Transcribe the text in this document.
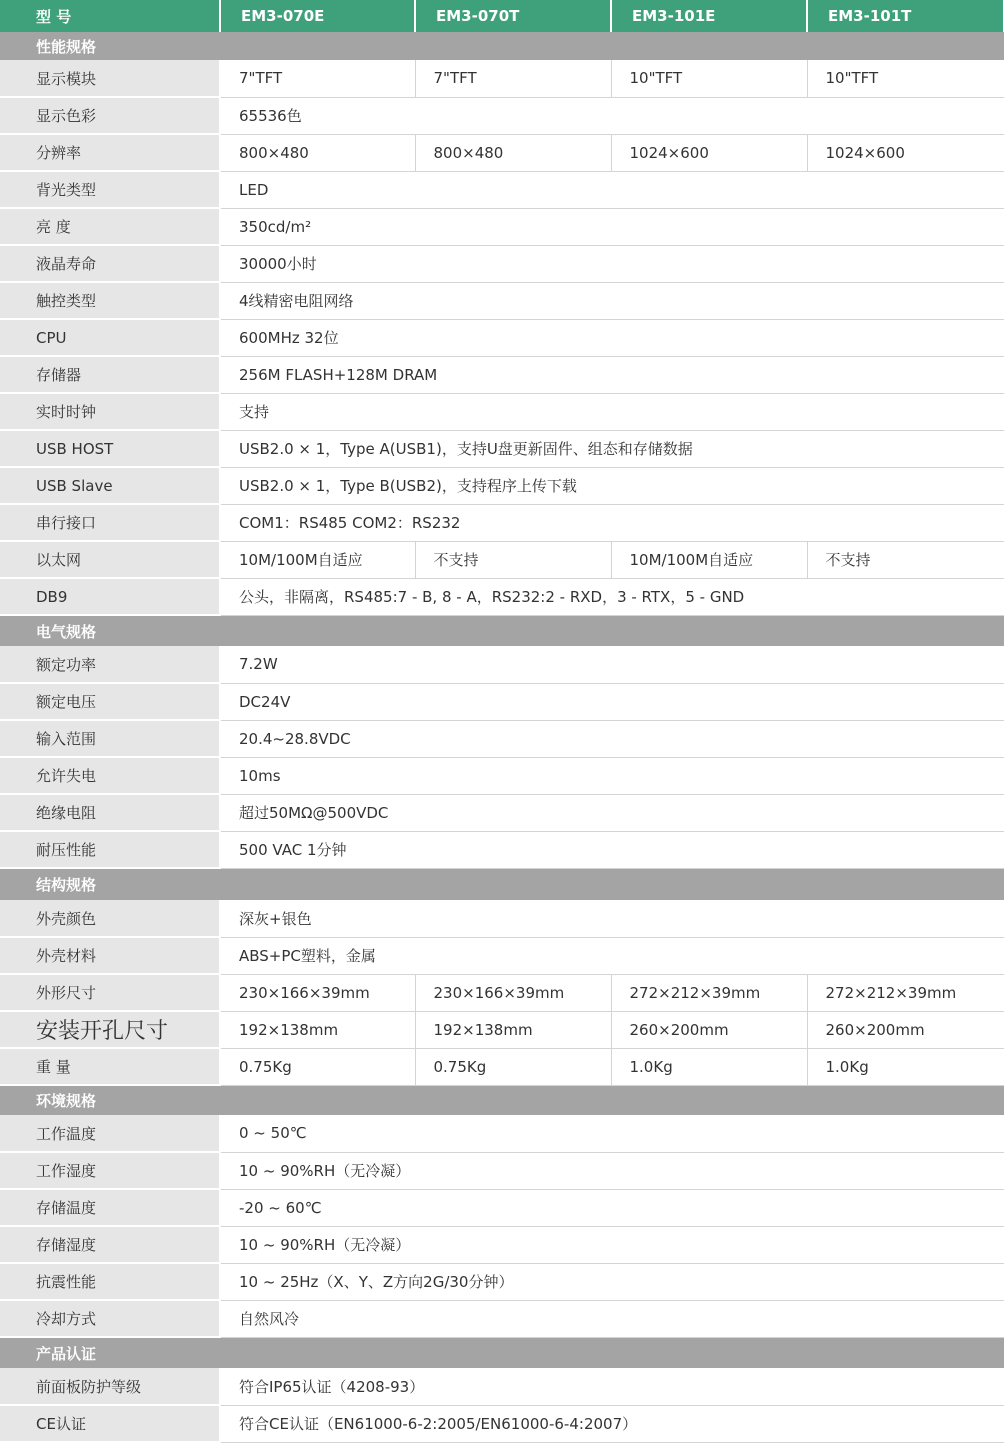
型 号	EM3-070E	EM3-070T	EM3-101E	EM3-101T
性能规格				
显示模块	7"TFT	7"TFT	10"TFT	10"TFT
显示色彩	65536色			
分辨率	800×480	800×480	1024×600	1024×600
背光类型	LED			
亮 度	350cd/m²			
液晶寿命	30000小时			
触控类型	4线精密电阻网络			
CPU	600MHz 32位			
存储器	256M FLASH+128M DRAM			
实时时钟	支持			
USB HOST	USB2.0 × 1，Type A(USB1)，支持U盘更新固件、组态和存储数据			
USB Slave	USB2.0 × 1，Type B(USB2)，支持程序上传下载			
串行接口	COM1：RS485 COM2：RS232			
以太网	10M/100M自适应	不支持	10M/100M自适应	不支持
DB9	公头，非隔离，RS485:7 - B, 8 - A，RS232:2 - RXD，3 - RTX，5 - GND			
电气规格				
额定功率	7.2W			
额定电压	DC24V			
输入范围	20.4~28.8VDC			
允许失电	10ms			
绝缘电阻	超过50MΩ@500VDC			
耐压性能	500 VAC 1分钟			
结构规格				
外壳颜色	深灰+银色			
外壳材料	ABS+PC塑料，金属			
外形尺寸	230×166×39mm	230×166×39mm	272×212×39mm	272×212×39mm
安装开孔尺寸	192×138mm	192×138mm	260×200mm	260×200mm
重 量	0.75Kg	0.75Kg	1.0Kg	1.0Kg
环境规格				
工作温度	0 ~ 50℃			
工作湿度	10 ~ 90%RH（无冷凝）			
存储温度	-20 ~ 60℃			
存储湿度	10 ~ 90%RH（无冷凝）			
抗震性能	10 ~ 25Hz（X、Y、Z方向2G/30分钟）			
冷却方式	自然风冷			
产品认证				
前面板防护等级	符合IP65认证（4208-93）			
CE认证	符合CE认证（EN61000-6-2:2005/EN61000-6-4:2007）			
